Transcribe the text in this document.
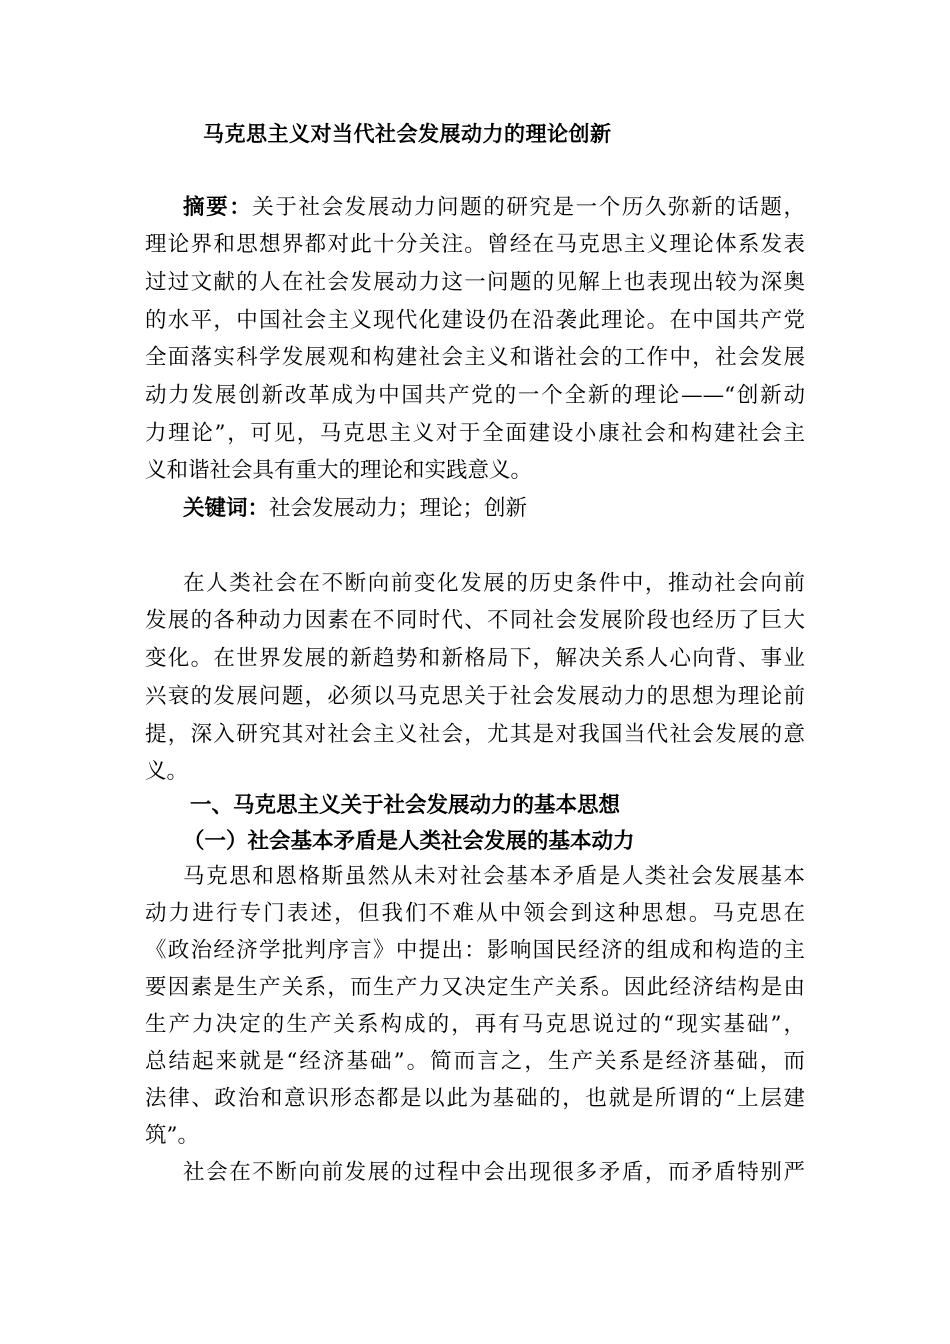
马克思主义对当代社会发展动力的理论创新
摘要：关于社会发展动力问题的研究是一个历久弥新的话题，
理论界和思想界都对此十分关注。曾经在马克思主义理论体系发表
过过文献的人在社会发展动力这一问题的见解上也表现出较为深奥
的水平，中国社会主义现代化建设仍在沿袭此理论。在中国共产党
全面落实科学发展观和构建社会主义和谐社会的工作中，社会发展
动力发展创新改革成为中国共产党的一个全新的理论——“创新动
力理论”，可见，马克思主义对于全面建设小康社会和构建社会主
义和谐社会具有重大的理论和实践意义。
关键词：社会发展动力；理论；创新
在人类社会在不断向前变化发展的历史条件中，推动社会向前
发展的各种动力因素在不同时代、不同社会发展阶段也经历了巨大
变化。在世界发展的新趋势和新格局下，解决关系人心向背、事业
兴衰的发展问题，必须以马克思关于社会发展动力的思想为理论前
提，深入研究其对社会主义社会，尤其是对我国当代社会发展的意
义。
一、马克思主义关于社会发展动力的基本思想
（一）社会基本矛盾是人类社会发展的基本动力
马克思和恩格斯虽然从未对社会基本矛盾是人类社会发展基本
动力进行专门表述，但我们不难从中领会到这种思想。马克思在
《政治经济学批判序言》中提出：影响国民经济的组成和构造的主
要因素是生产关系，而生产力又决定生产关系。因此经济结构是由
生产力决定的生产关系构成的，再有马克思说过的“现实基础”，
总结起来就是“经济基础”。简而言之，生产关系是经济基础，而
法律、政治和意识形态都是以此为基础的，也就是所谓的“上层建
筑”。
社会在不断向前发展的过程中会出现很多矛盾，而矛盾特别严
